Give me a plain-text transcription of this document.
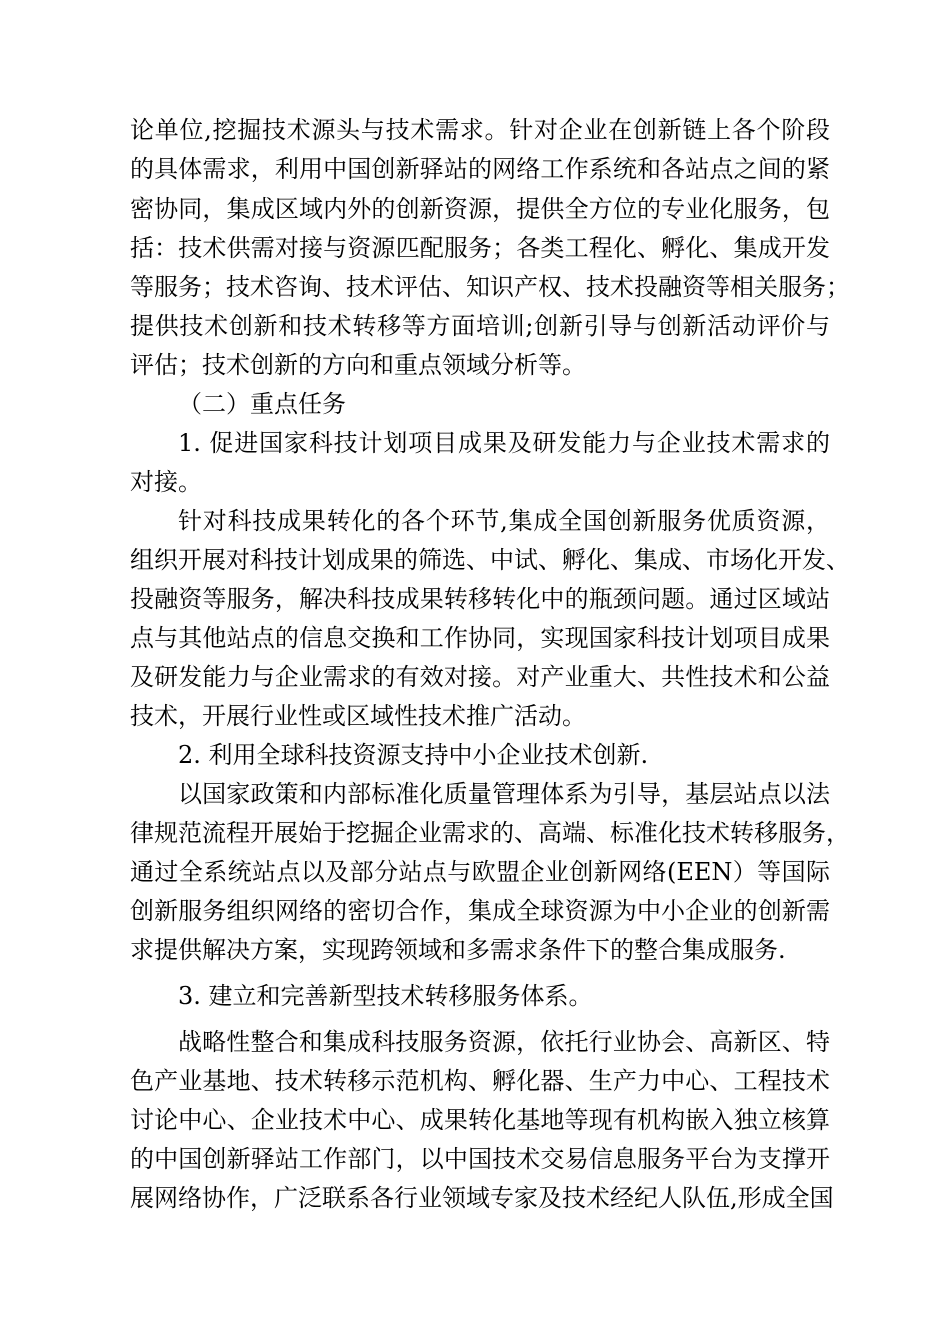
论单位,挖掘技术源头与技术需求。针对企业在创新链上各个阶段
的具体需求，利用中国创新驿站的网络工作系统和各站点之间的紧
密协同，集成区域内外的创新资源，提供全方位的专业化服务，包
括：技术供需对接与资源匹配服务；各类工程化、孵化、集成开发
等服务；技术咨询、技术评估、知识产权、技术投融资等相关服务；
提供技术创新和技术转移等方面培训;创新引导与创新活动评价与
评估；技术创新的方向和重点领域分析等。
（二）重点任务
1. 促进国家科技计划项目成果及研发能力与企业技术需求的
对接。
针对科技成果转化的各个环节,集成全国创新服务优质资源，
组织开展对科技计划成果的筛选、中试、孵化、集成、市场化开发、
投融资等服务，解决科技成果转移转化中的瓶颈问题。通过区域站
点与其他站点的信息交换和工作协同，实现国家科技计划项目成果
及研发能力与企业需求的有效对接。对产业重大、共性技术和公益
技术，开展行业性或区域性技术推广活动。
2. 利用全球科技资源支持中小企业技术创新.
以国家政策和内部标准化质量管理体系为引导，基层站点以法
律规范流程开展始于挖掘企业需求的、高端、标准化技术转移服务，
通过全系统站点以及部分站点与欧盟企业创新网络(EEN）等国际
创新服务组织网络的密切合作，集成全球资源为中小企业的创新需
求提供解决方案，实现跨领域和多需求条件下的整合集成服务.
3. 建立和完善新型技术转移服务体系。
战略性整合和集成科技服务资源，依托行业协会、高新区、特
色产业基地、技术转移示范机构、孵化器、生产力中心、工程技术
讨论中心、企业技术中心、成果转化基地等现有机构嵌入独立核算
的中国创新驿站工作部门，以中国技术交易信息服务平台为支撑开
展网络协作，广泛联系各行业领域专家及技术经纪人队伍,形成全国
